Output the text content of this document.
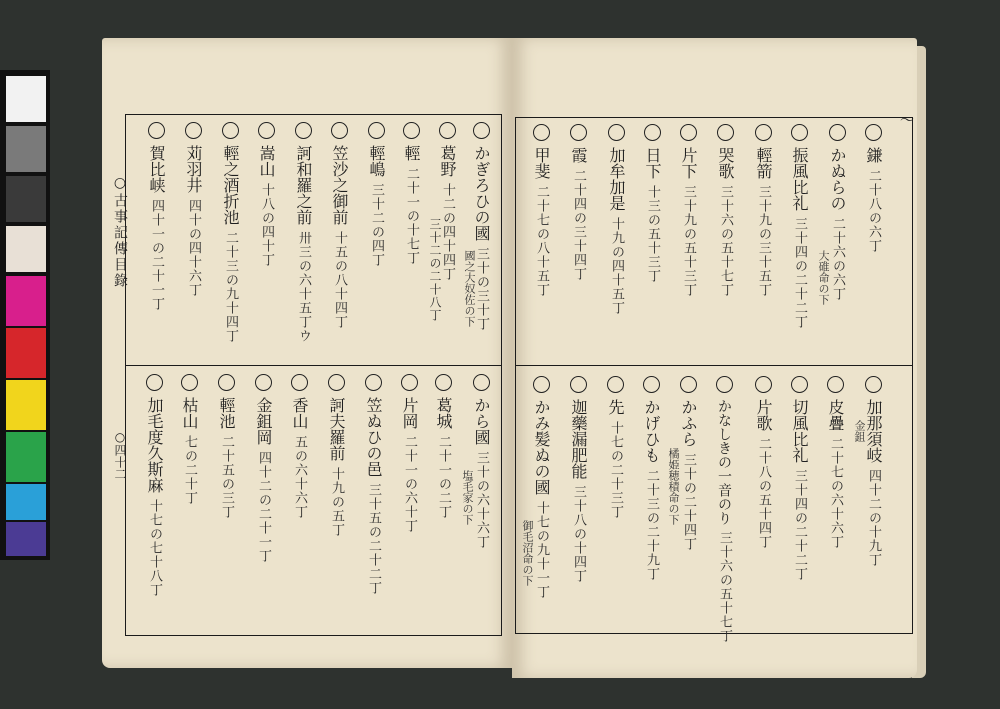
〜
○古事記傳目錄
○四十二
かぎろひの國三十の三十丁
國之大奴佐の下
葛野十二の四十四丁
三十二の二十八丁
輕二十一の十七丁
輕嶋三十二の四丁
笠沙之御前十五の八十四丁
訶和羅之前卅三の六十五丁ウ
嵩山十八の四十丁
輕之酒折池二十三の九十四丁
苅羽井四十の四十六丁
賀比峡四十一の二十一丁
から國三十の六十六丁
塩毛家の下
葛城二十一の二丁
片岡二十一の六十丁
笠ぬひの邑三十五の二十二丁
訶夫羅前十九の五丁
香山五の六十六丁
金鉏岡四十二の二十一丁
輕池二十五の三丁
枯山七の二十丁
加毛度久斯麻十七の七十八丁
鎌二十八の六丁
かぬらの二十六の六丁
大碓命の下
振風比礼三十四の二十二丁
輕箭三十九の三十五丁
哭歌三十六の五十七丁
片下三十九の五十三丁
日下十三の五十三丁
加牟加是十九の四十五丁
霞二十四の三十四丁
甲斐二十七の八十五丁
加那須岐四十二の十九丁
金鉏
皮疊二十七の六十六丁
切風比礼三十四の二十二丁
片歌二十八の五十四丁
かなしきの一音のり三十六の五十七丁
かふら三十の二十四丁
橘姫穂積命の下
かげひも二十三の二十九丁
先十七の二十三丁
迦藥漏肥能三十八の十四丁
かみ髪ぬの國十七の九十一丁
御毛沼命の下
